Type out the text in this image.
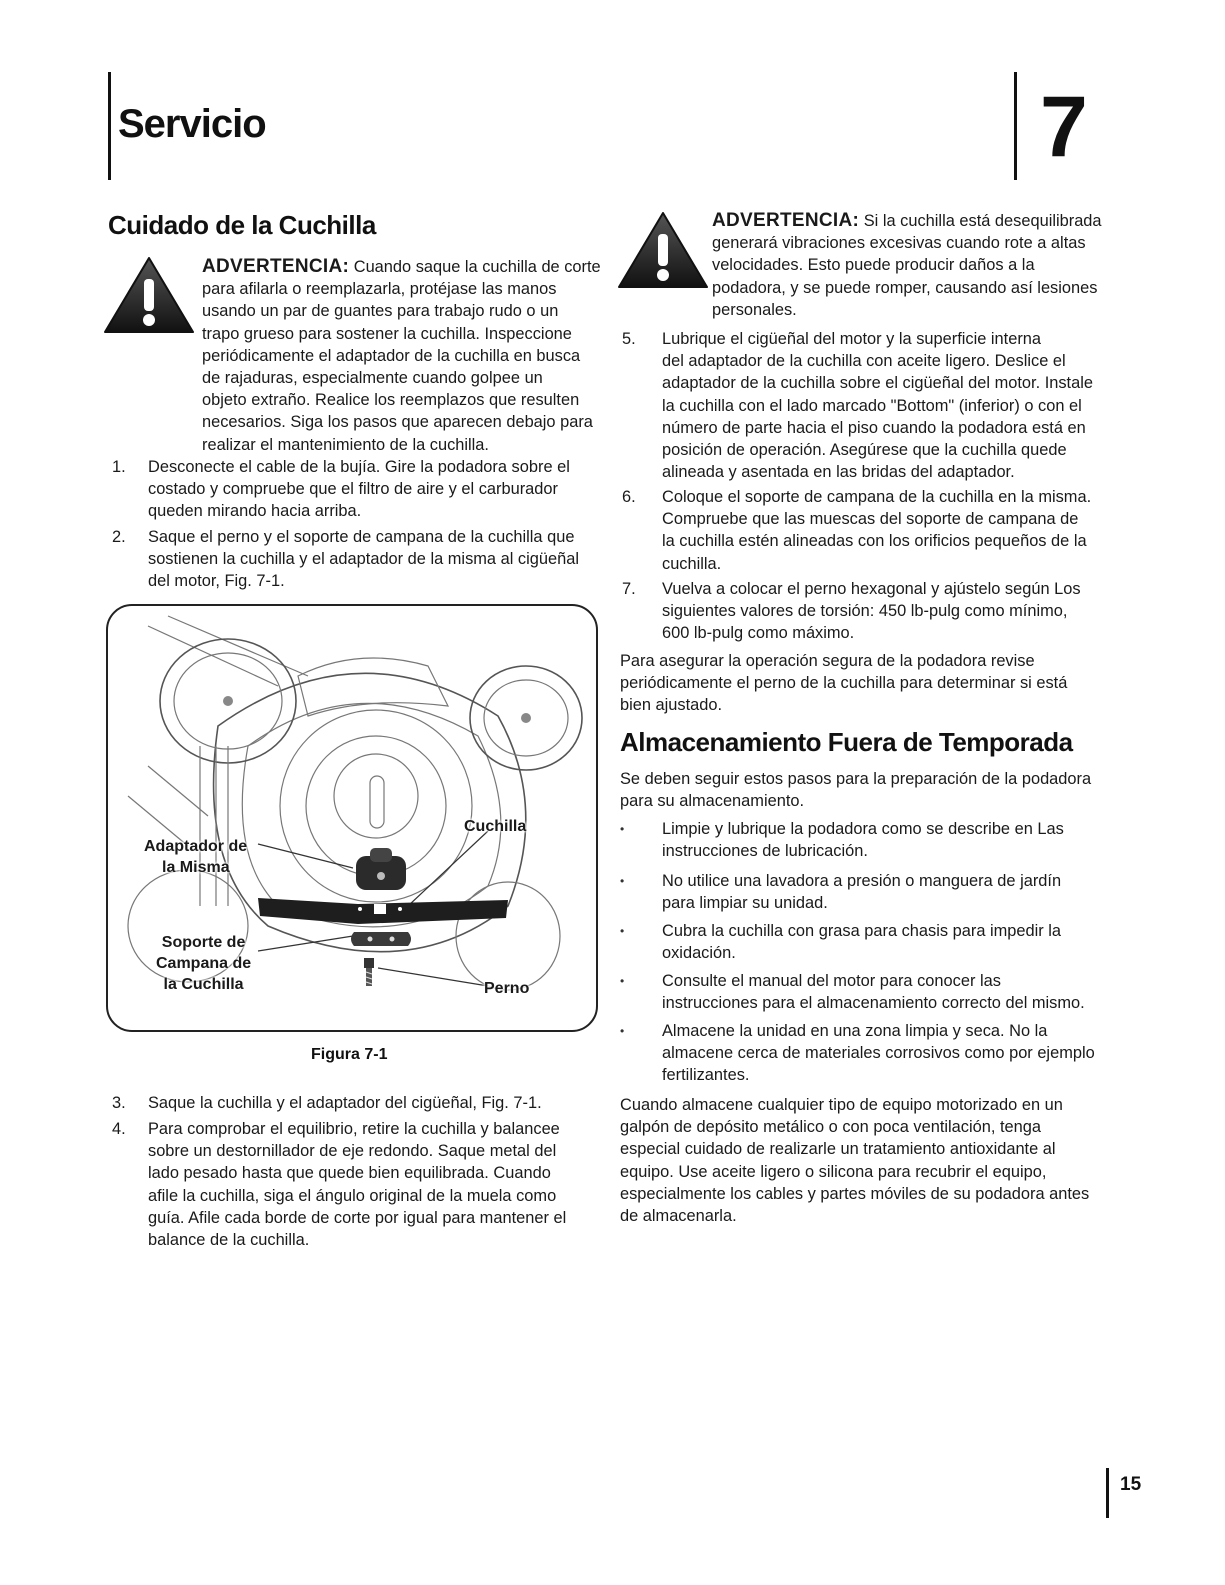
Servicio	7
Cuidado de la Cuchilla
ADVERTENCIA: Cuando saque la cuchilla de corte
para afilarla o reemplazarla, protéjase las manos
usando un par de guantes para trabajo rudo o un
trapo grueso para sostener la cuchilla. Inspeccione
periódicamente el adaptador de la cuchilla en busca
de rajaduras, especialmente cuando golpee un
objeto extraño. Realice los reemplazos que resulten
necesarios. Siga los pasos que aparecen debajo para
realizar el mantenimiento de la cuchilla.
1. Desconecte el cable de la bujía. Gire la podadora sobre el
costado y compruebe que el filtro de aire y el carburador
queden mirando hacia arriba.
2. Saque el perno y el soporte de campana de la cuchilla que
sostienen la cuchilla y el adaptador de la misma al cigüeñal
del motor, Fig. 7-1.
Adaptador de
la Misma
Cuchilla
Soporte de
Campana de
la Cuchilla	Perno
Figura 7-1
3. Saque la cuchilla y el adaptador del cigüeñal, Fig. 7-1.
4. Para comprobar el equilibrio, retire la cuchilla y balancee
sobre un destornillador de eje redondo. Saque metal del
lado pesado hasta que quede bien equilibrada. Cuando
afile la cuchilla, siga el ángulo original de la muela como
guía. Afile cada borde de corte por igual para mantener el
balance de la cuchilla.
ADVERTENCIA: Si la cuchilla está desequilibrada
generará vibraciones excesivas cuando rote a altas
velocidades. Esto puede producir daños a la
podadora, y se puede romper, causando así lesiones
personales.
5. Lubrique el cigüeñal del motor y la superficie interna
del adaptador de la cuchilla con aceite ligero. Deslice el
adaptador de la cuchilla sobre el cigüeñal del motor. Instale
la cuchilla con el lado marcado "Bottom" (inferior) o con el
número de parte hacia el piso cuando la podadora está en
posición de operación. Asegúrese que la cuchilla quede
alineada y asentada en las bridas del adaptador.
6. Coloque el soporte de campana de la cuchilla en la misma.
Compruebe que las muescas del soporte de campana de
la cuchilla estén alineadas con los orificios pequeños de la
cuchilla.
7. Vuelva a colocar el perno hexagonal y ajústelo según Los
siguientes valores de torsión: 450 lb-pulg como mínimo,
600 lb-pulg como máximo.
Para asegurar la operación segura de la podadora revise
periódicamente el perno de la cuchilla para determinar si está
bien ajustado.
Almacenamiento Fuera de Temporada
Se deben seguir estos pasos para la preparación de la podadora
para su almacenamiento.
• Limpie y lubrique la podadora como se describe en Las
instrucciones de lubricación.
• No utilice una lavadora a presión o manguera de jardín
para limpiar su unidad.
• Cubra la cuchilla con grasa para chasis para impedir la
oxidación.
• Consulte el manual del motor para conocer las
instrucciones para el almacenamiento correcto del mismo.
• Almacene la unidad en una zona limpia y seca. No la
almacene cerca de materiales corrosivos como por ejemplo
fertilizantes.
Cuando almacene cualquier tipo de equipo motorizado en un
galpón de depósito metálico o con poca ventilación, tenga
especial cuidado de realizarle un tratamiento antioxidante al
equipo. Use aceite ligero o silicona para recubrir el equipo,
especialmente los cables y partes móviles de su podadora antes
de almacenarla.
15
